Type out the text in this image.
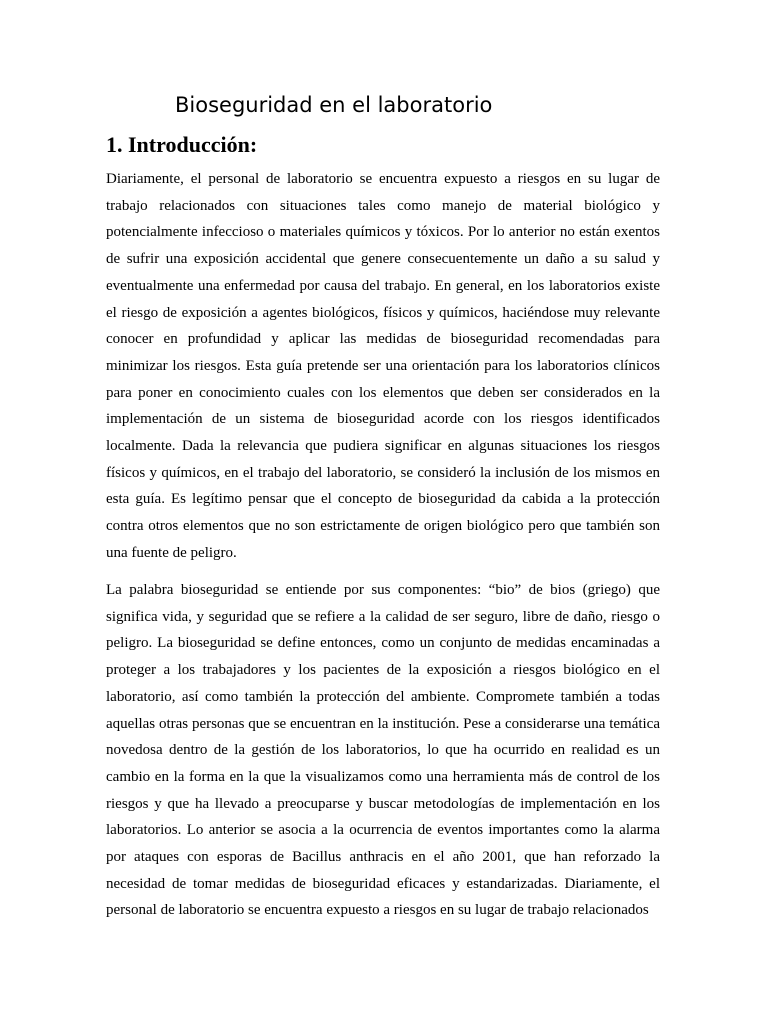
Bioseguridad en el laboratorio
1. Introducción:

Diariamente, el personal de laboratorio se encuentra expuesto a riesgos en su lugar de trabajo relacionados con situaciones tales como manejo de material biológico y potencialmente infeccioso o materiales químicos y tóxicos. Por lo anterior no están exentos de sufrir una exposición accidental que genere consecuentemente un daño a su salud y eventualmente una enfermedad por causa del trabajo. En general, en los laboratorios existe el riesgo de exposición a agentes biológicos, físicos y químicos, haciéndose muy relevante conocer en profundidad y aplicar las medidas de bioseguridad recomendadas para minimizar los riesgos. Esta guía pretende ser una orientación para los laboratorios clínicos para poner en conocimiento cuales con los elementos que deben ser considerados en la implementación de un sistema de bioseguridad acorde con los riesgos identificados localmente. Dada la relevancia que pudiera significar en algunas situaciones los riesgos físicos y químicos, en el trabajo del laboratorio, se consideró la inclusión de los mismos en esta guía. Es legítimo pensar que el concepto de bioseguridad da cabida a la protección contra otros elementos que no son estrictamente de origen biológico pero que también son una fuente de peligro.

La palabra bioseguridad se entiende por sus componentes: “bio” de bios (griego) que significa vida, y seguridad que se refiere a la calidad de ser seguro, libre de daño, riesgo o peligro. La bioseguridad se define entonces, como un conjunto de medidas encaminadas a proteger a los trabajadores y los pacientes de la exposición a riesgos biológico en el laboratorio, así como también la protección del ambiente. Compromete también a todas aquellas otras personas que se encuentran en la institución. Pese a considerarse una temática novedosa dentro de la gestión de los laboratorios, lo que ha ocurrido en realidad es un cambio en la forma en la que la visualizamos como una herramienta más de control de los riesgos y que ha llevado a preocuparse y buscar metodologías de implementación en los laboratorios. Lo anterior se asocia a la ocurrencia de eventos importantes como la alarma por ataques con esporas de Bacillus anthracis en el año 2001, que han reforzado la necesidad de tomar medidas de bioseguridad eficaces y estandarizadas. Diariamente, el personal de laboratorio se encuentra expuesto a riesgos en su lugar de trabajo relacionados
